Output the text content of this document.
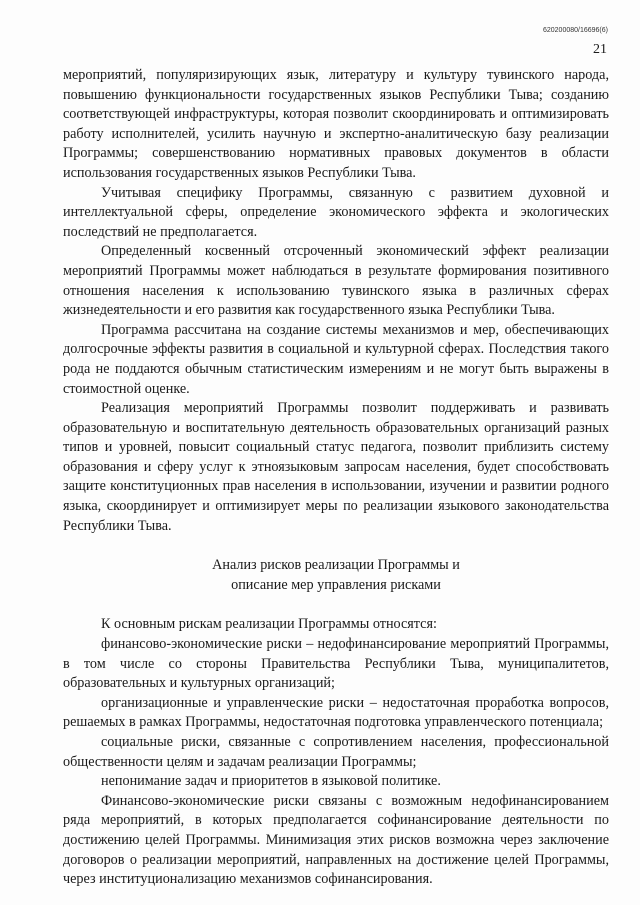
620200080/16696(6)
21

мероприятий, популяризирующих язык, литературу и культуру тувинского народа, повышению функциональности государственных языков Республики Тыва; созданию соответствующей инфраструктуры, которая позволит скоординировать и оптимизировать работу исполнителей, усилить научную и экспертно-аналитическую базу реализации Программы; совершенствованию нормативных правовых документов в области использования государственных языков Республики Тыва.

Учитывая специфику Программы, связанную с развитием духовной и интеллектуальной сферы, определение экономического эффекта и экологических последствий не предполагается.

Определенный косвенный отсроченный экономический эффект реализации мероприятий Программы может наблюдаться в результате формирования позитивного отношения населения к использованию тувинского языка в различных сферах жизнедеятельности и его развития как государственного языка Республики Тыва.

Программа рассчитана на создание системы механизмов и мер, обеспечивающих долгосрочные эффекты развития в социальной и культурной сферах. Последствия такого рода не поддаются обычным статистическим измерениям и не могут быть выражены в стоимостной оценке.

Реализация мероприятий Программы позволит поддерживать и развивать образовательную и воспитательную деятельность образовательных организаций разных типов и уровней, повысит социальный статус педагога, позволит приблизить систему образования и сферу услуг к этноязыковым запросам населения, будет способствовать защите конституционных прав населения в использовании, изучении и развитии родного языка, скоординирует и оптимизирует меры по реализации языкового законодательства Республики Тыва.

Анализ рисков реализации Программы и
описание мер управления рисками

К основным рискам реализации Программы относятся:

финансово-экономические риски – недофинансирование мероприятий Программы, в том числе со стороны Правительства Республики Тыва, муниципалитетов, образовательных и культурных организаций;

организационные и управленческие риски – недостаточная проработка вопросов, решаемых в рамках Программы, недостаточная подготовка управленческого потенциала;

социальные риски, связанные с сопротивлением населения, профессиональной общественности целям и задачам реализации Программы;

непонимание задач и приоритетов в языковой политике.

Финансово-экономические риски связаны с возможным недофинансированием ряда мероприятий, в которых предполагается софинансирование деятельности по достижению целей Программы. Минимизация этих рисков возможна через заключение договоров о реализации мероприятий, направленных на достижение целей Программы, через институционализацию механизмов софинансирования.
